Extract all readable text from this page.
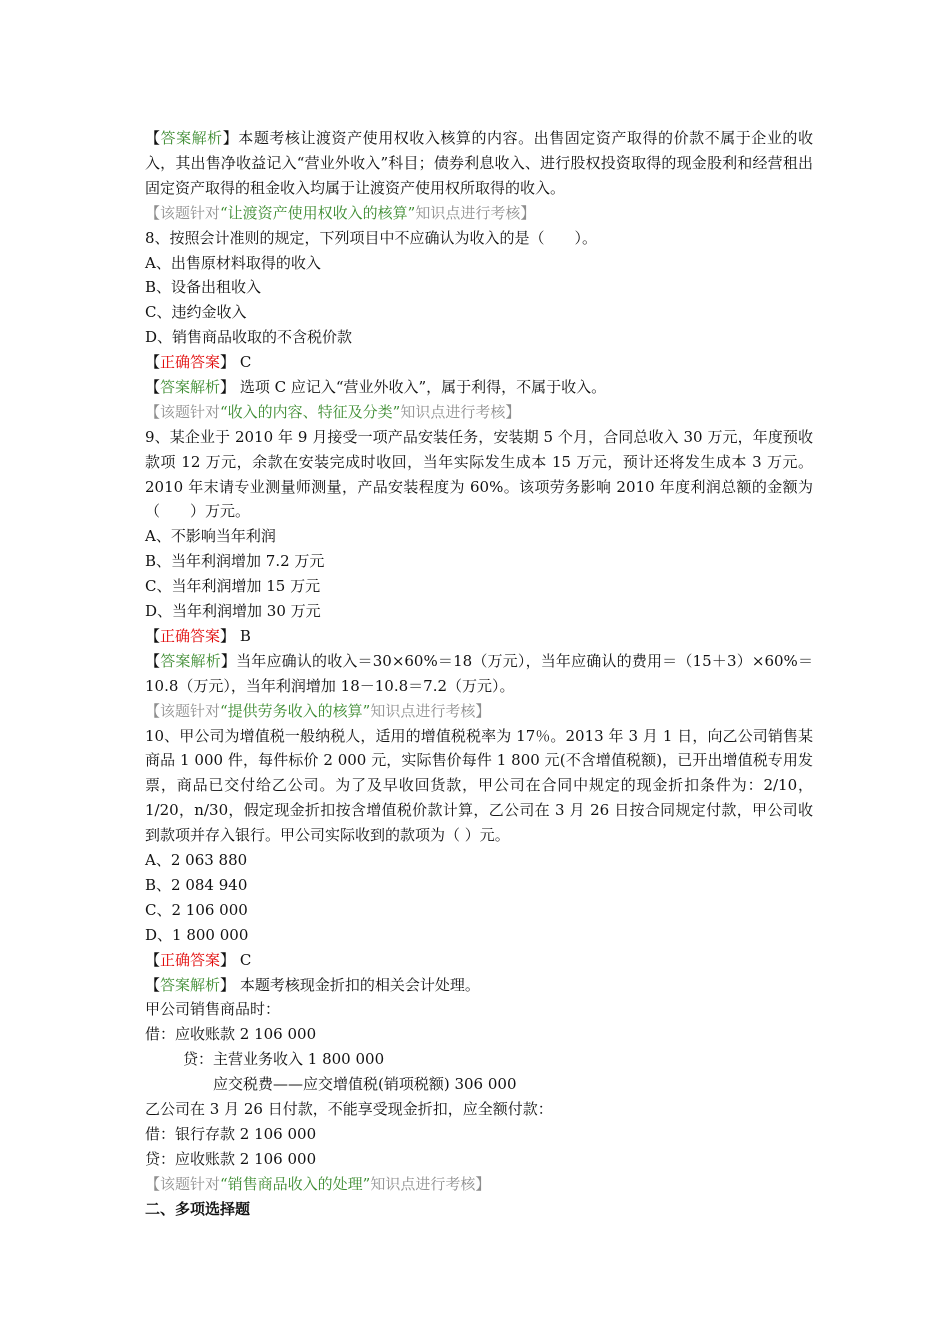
【答案解析】本题考核让渡资产使用权收入核算的内容。出售固定资产取得的价款不属于企业的收入，其出售净收益记入“营业外收入”科目；债券利息收入、进行股权投资取得的现金股利和经营租出固定资产取得的租金收入均属于让渡资产使用权所取得的收入。
【该题针对“让渡资产使用权收入的核算”知识点进行考核】
8、按照会计准则的规定，下列项目中不应确认为收入的是（　　）。
A、出售原材料取得的收入
B、设备出租收入
C、违约金收入
D、销售商品收取的不含税价款
【正确答案】 C
【答案解析】 选项 C 应记入“营业外收入”，属于利得，不属于收入。
【该题针对“收入的内容、特征及分类”知识点进行考核】
9、某企业于 2010 年 9 月接受一项产品安装任务，安装期 5 个月，合同总收入 30 万元，年度预收款项 12 万元，余款在安装完成时收回，当年实际发生成本 15 万元，预计还将发生成本 3 万元。2010 年末请专业测量师测量，产品安装程度为 60%。该项劳务影响 2010 年度利润总额的金额为（　　）万元。
A、不影响当年利润
B、当年利润增加 7.2 万元
C、当年利润增加 15 万元
D、当年利润增加 30 万元
【正确答案】 B
【答案解析】当年应确认的收入＝30×60%＝18（万元），当年应确认的费用＝（15＋3）×60%＝10.8（万元），当年利润增加 18－10.8＝7.2（万元）。
【该题针对“提供劳务收入的核算”知识点进行考核】
10、甲公司为增值税一般纳税人，适用的增值税税率为 17％。2013 年 3 月 1 日，向乙公司销售某商品 1 000 件，每件标价 2 000 元，实际售价每件 1 800 元(不含增值税额)，已开出增值税专用发票，商品已交付给乙公司。为了及早收回货款，甲公司在合同中规定的现金折扣条件为：2/10，1/20，n/30，假定现金折扣按含增值税价款计算，乙公司在 3 月 26 日按合同规定付款，甲公司收到款项并存入银行。甲公司实际收到的款项为（ ）元。
A、2 063 880
B、2 084 940
C、2 106 000
D、1 800 000
【正确答案】 C
【答案解析】 本题考核现金折扣的相关会计处理。
甲公司销售商品时：
借：应收账款 2 106 000
贷：主营业务收入 1 800 000
应交税费——应交增值税(销项税额) 306 000
乙公司在 3 月 26 日付款，不能享受现金折扣，应全额付款：
借：银行存款 2 106 000
贷：应收账款 2 106 000
【该题针对“销售商品收入的处理”知识点进行考核】
二、多项选择题
